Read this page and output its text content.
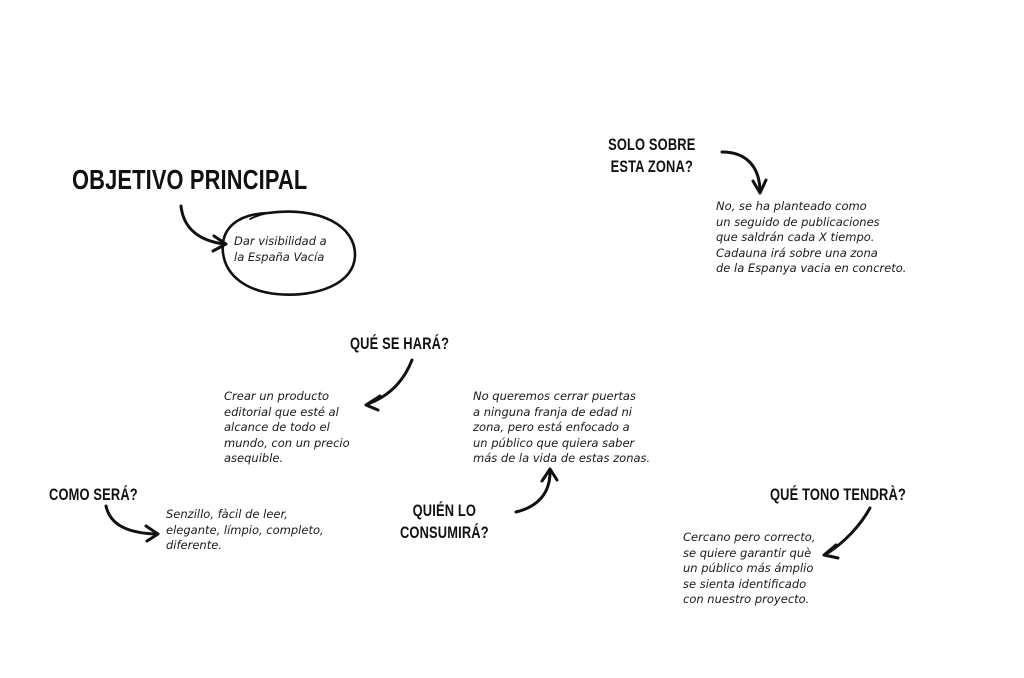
OBJETIVO PRINCIPAL
Dar visibilidad a
la España Vacía
SOLO SOBRE
ESTA ZONA?
No, se ha planteado como
un seguido de publicaciones
que saldrán cada X tiempo.
Cadauna irá sobre una zona
de la Espanya vacia en concreto.
QUÉ SE HARÁ?
Crear un producto
editorial que esté al
alcance de todo el
mundo, con un precio
asequible.
COMO SERÁ?
Senzillo, fàcil de leer,
elegante, límpio, completo,
diferente.
QUIÉN LO
CONSUMIRÁ?
No queremos cerrar puertas
a ninguna franja de edad ni
zona, pero está enfocado a
un público que quiera saber
más de la vida de estas zonas.
QUÉ TONO TENDRÀ?
Cercano pero correcto,
se quiere garantir què
un público más ámplio
se sienta identificado
con nuestro proyecto.
